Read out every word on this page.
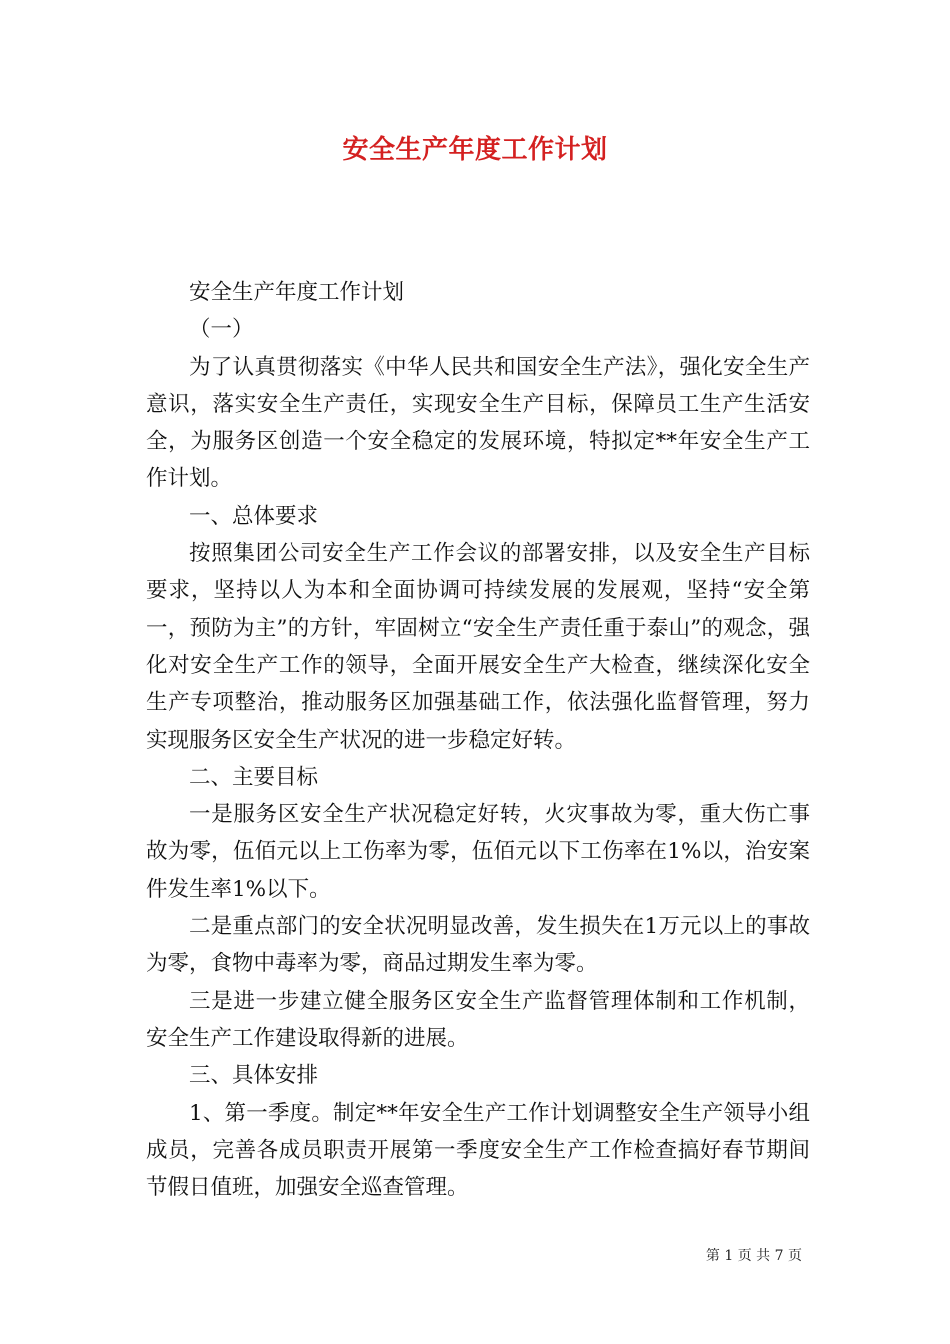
安全生产年度工作计划

安全生产年度工作计划

（一）

为了认真贯彻落实《中华人民共和国安全生产法》，强化安全生产意识，落实安全生产责任，实现安全生产目标，保障员工生产生活安全，为服务区创造一个安全稳定的发展环境，特拟定**年安全生产工作计划。

一、总体要求

按照集团公司安全生产工作会议的部署安排，以及安全生产目标要求，坚持以人为本和全面协调可持续发展的发展观，坚持“安全第一，预防为主”的方针，牢固树立“安全生产责任重于泰山”的观念，强化对安全生产工作的领导，全面开展安全生产大检查，继续深化安全生产专项整治，推动服务区加强基础工作，依法强化监督管理，努力实现服务区安全生产状况的进一步稳定好转。

二、主要目标

一是服务区安全生产状况稳定好转，火灾事故为零，重大伤亡事故为零，伍佰元以上工伤率为零，伍佰元以下工伤率在1%以，治安案件发生率1%以下。

二是重点部门的安全状况明显改善，发生损失在1万元以上的事故为零，食物中毒率为零，商品过期发生率为零。

三是进一步建立健全服务区安全生产监督管理体制和工作机制，安全生产工作建设取得新的进展。

三、具体安排

1、第一季度。制定**年安全生产工作计划调整安全生产领导小组成员，完善各成员职责开展第一季度安全生产工作检查搞好春节期间节假日值班，加强安全巡查管理。

第 1 页 共 7 页
